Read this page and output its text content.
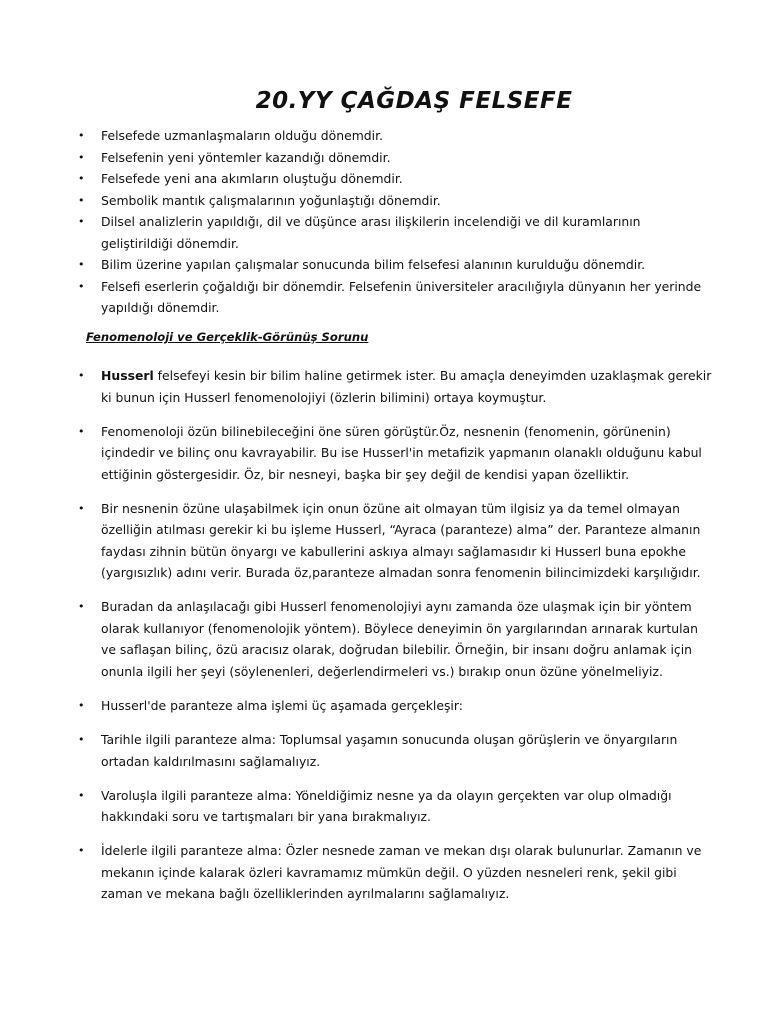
20.YY ÇAĞDAŞ FELSEFE
• Felsefede uzmanlaşmaların olduğu dönemdir.
• Felsefenin yeni yöntemler kazandığı dönemdir.
• Felsefede yeni ana akımların oluştuğu dönemdir.
• Sembolik mantık çalışmalarının yoğunlaştığı dönemdir.
• Dilsel analizlerin yapıldığı, dil ve düşünce arası ilişkilerin incelendiği ve dil kuramlarının geliştirildiği dönemdir.
• Bilim üzerine yapılan çalışmalar sonucunda bilim felsefesi alanının kurulduğu dönemdir.
• Felsefi eserlerin çoğaldığı bir dönemdir. Felsefenin üniversiteler aracılığıyla dünyanın her yerinde yapıldığı dönemdir.
Fenomenoloji ve Gerçeklik-Görünüş Sorunu
• Husserl felsefeyi kesin bir bilim haline getirmek ister. Bu amaçla deneyimden uzaklaşmak gerekir ki bunun için Husserl fenomenolojiyi (özlerin bilimini) ortaya koymuştur.
• Fenomenoloji özün bilinebileceğini öne süren görüştür.Öz, nesnenin (fenomenin, görünenin) içindedir ve bilinç onu kavrayabilir. Bu ise Husserl'in metafizik yapmanın olanaklı olduğunu kabul ettiğinin göstergesidir. Öz, bir nesneyi, başka bir şey değil de kendisi yapan özelliktir.
• Bir nesnenin özüne ulaşabilmek için onun özüne ait olmayan tüm ilgisiz ya da temel olmayan özelliğin atılması gerekir ki bu işleme Husserl, “Ayraca (paranteze) alma” der. Paranteze almanın faydası zihnin bütün önyargı ve kabullerini askıya almayı sağlamasıdır ki Husserl buna epokhe (yargısızlık) adını verir. Burada öz,paranteze almadan sonra fenomenin bilincimizdeki karşılığıdır.
• Buradan da anlaşılacağı gibi Husserl fenomenolojiyi aynı zamanda öze ulaşmak için bir yöntem olarak kullanıyor (fenomenolojik yöntem). Böylece deneyimin ön yargılarından arınarak kurtulan ve saflaşan bilinç, özü aracısız olarak, doğrudan bilebilir. Örneğin, bir insanı doğru anlamak için onunla ilgili her şeyi (söylenenleri, değerlendirmeleri vs.) bırakıp onun özüne yönelmeliyiz.
• Husserl'de paranteze alma işlemi üç aşamada gerçekleşir:
• Tarihle ilgili paranteze alma: Toplumsal yaşamın sonucunda oluşan görüşlerin ve önyargıların ortadan kaldırılmasını sağlamalıyız.
• Varoluşla ilgili paranteze alma: Yöneldiğimiz nesne ya da olayın gerçekten var olup olmadığı hakkındaki soru ve tartışmaları bir yana bırakmalıyız.
• İdelerle ilgili paranteze alma: Özler nesnede zaman ve mekan dışı olarak bulunurlar. Zamanın ve mekanın içinde kalarak özleri kavramamız mümkün değil. O yüzden nesneleri renk, şekil gibi zaman ve mekana bağlı özelliklerinden ayrılmalarını sağlamalıyız.
